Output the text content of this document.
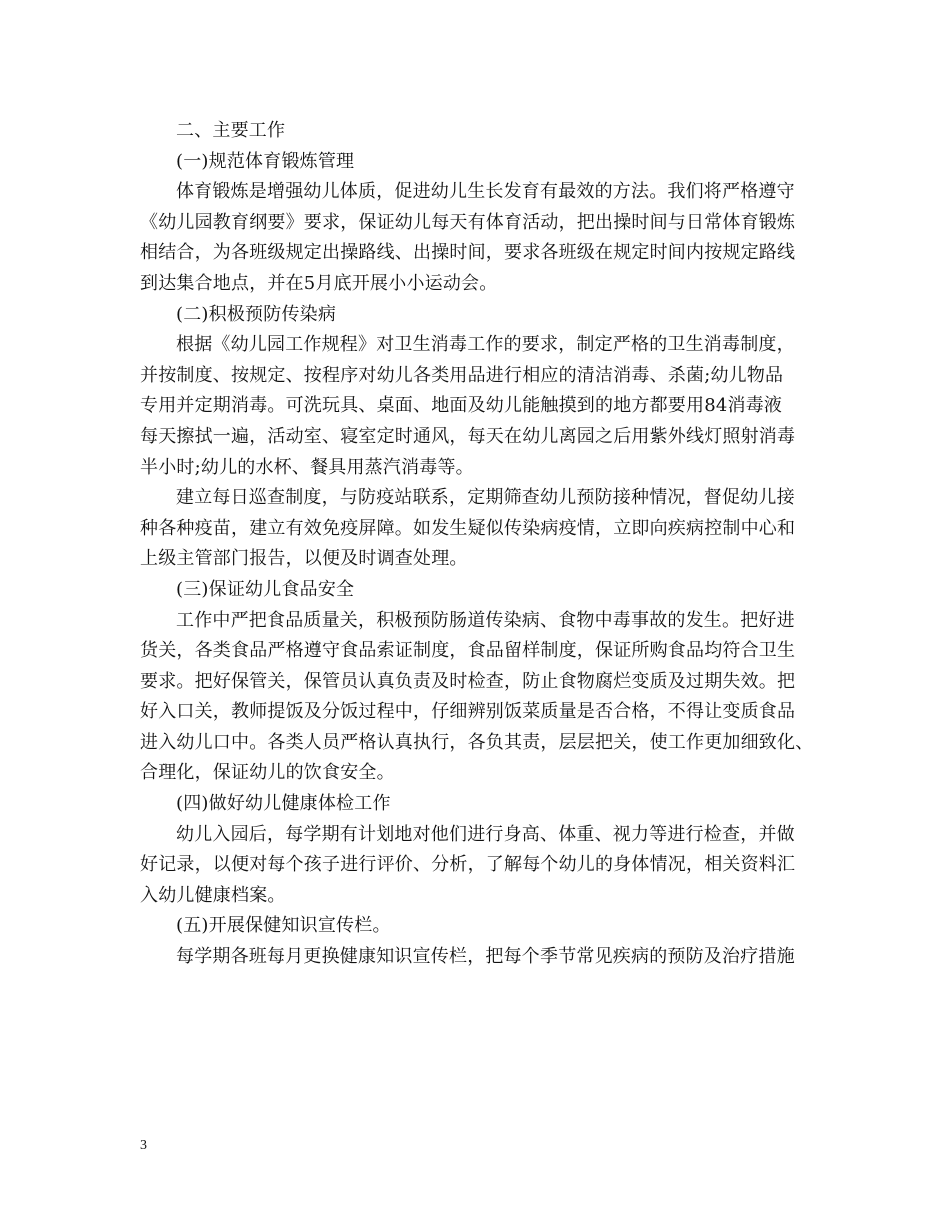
二、主要工作
(一)规范体育锻炼管理
体育锻炼是增强幼儿体质，促进幼儿生长发育有最效的方法。我们将严格遵守
《幼儿园教育纲要》要求，保证幼儿每天有体育活动，把出操时间与日常体育锻炼
相结合，为各班级规定出操路线、出操时间，要求各班级在规定时间内按规定路线
到达集合地点，并在5月底开展小小运动会。
(二)积极预防传染病
根据《幼儿园工作规程》对卫生消毒工作的要求，制定严格的卫生消毒制度，
并按制度、按规定、按程序对幼儿各类用品进行相应的清洁消毒、杀菌;幼儿物品
专用并定期消毒。可洗玩具、桌面、地面及幼儿能触摸到的地方都要用84消毒液
每天擦拭一遍，活动室、寝室定时通风，每天在幼儿离园之后用紫外线灯照射消毒
半小时;幼儿的水杯、餐具用蒸汽消毒等。
建立每日巡查制度，与防疫站联系，定期筛查幼儿预防接种情况，督促幼儿接
种各种疫苗，建立有效免疫屏障。如发生疑似传染病疫情，立即向疾病控制中心和
上级主管部门报告，以便及时调查处理。
(三)保证幼儿食品安全
工作中严把食品质量关，积极预防肠道传染病、食物中毒事故的发生。把好进
货关，各类食品严格遵守食品索证制度，食品留样制度，保证所购食品均符合卫生
要求。把好保管关，保管员认真负责及时检查，防止食物腐烂变质及过期失效。把
好入口关，教师提饭及分饭过程中，仔细辨别饭菜质量是否合格，不得让变质食品
进入幼儿口中。各类人员严格认真执行，各负其责，层层把关，使工作更加细致化、
合理化，保证幼儿的饮食安全。
(四)做好幼儿健康体检工作
幼儿入园后，每学期有计划地对他们进行身高、体重、视力等进行检查，并做
好记录，以便对每个孩子进行评价、分析，了解每个幼儿的身体情况，相关资料汇
入幼儿健康档案。
(五)开展保健知识宣传栏。
每学期各班每月更换健康知识宣传栏，把每个季节常见疾病的预防及治疗措施
3
